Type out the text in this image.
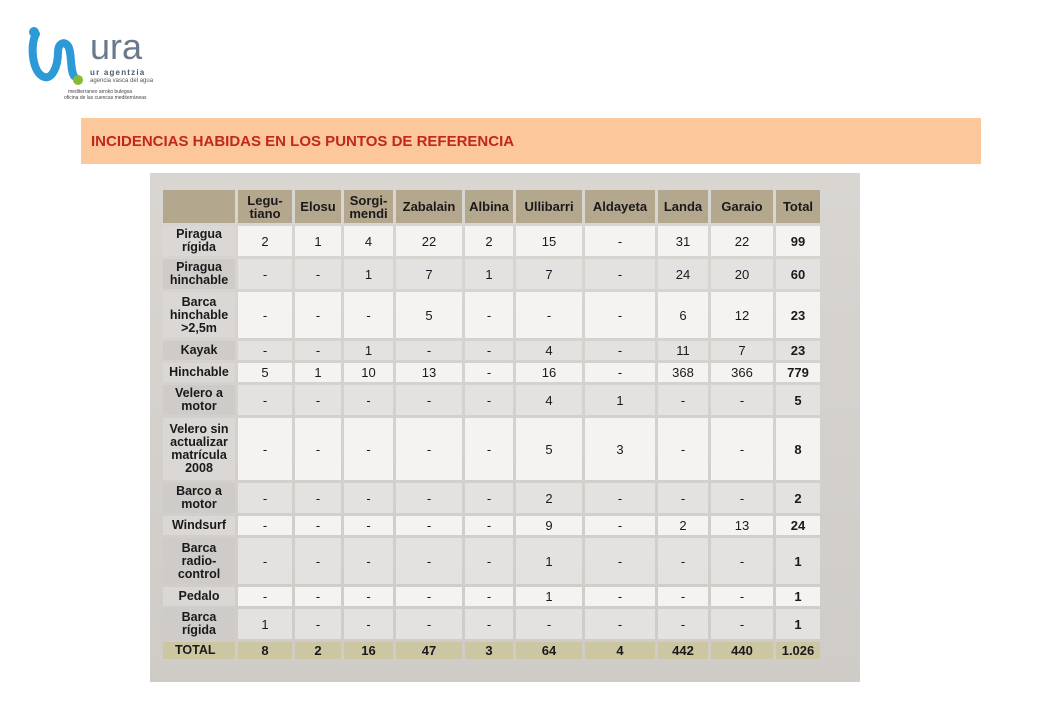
ura
ur agentzia
agencia vasca del agua
mediterraneo arroko bulegoa
oficina de las cuencas mediterráneas
INCIDENCIAS HABIDAS EN LOS PUNTOS DE REFERENCIA
	Legu-
tiano	Elosu	Sorgi-
mendi	Zabalain	Albina	Ullibarri	Aldayeta	Landa	Garaio	Total
Piragua
rígida	2	1	4	22	2	15	-	31	22	99
Piragua
hinchable	-	-	1	7	1	7	-	24	20	60
Barca
hinchable
>2,5m	-	-	-	5	-	-	-	6	12	23
Kayak	-	-	1	-	-	4	-	11	7	23
Hinchable	5	1	10	13	-	16	-	368	366	779
Velero a
motor	-	-	-	-	-	4	1	-	-	5
Velero sin
actualizar
matrícula
2008	-	-	-	-	-	5	3	-	-	8
Barco a
motor	-	-	-	-	-	2	-	-	-	2
Windsurf	-	-	-	-	-	9	-	2	13	24
Barca
radio-
control	-	-	-	-	-	1	-	-	-	1
Pedalo	-	-	-	-	-	1	-	-	-	1
Barca
rígida	1	-	-	-	-	-	-	-	-	1
TOTAL	8	2	16	47	3	64	4	442	440	1.026
